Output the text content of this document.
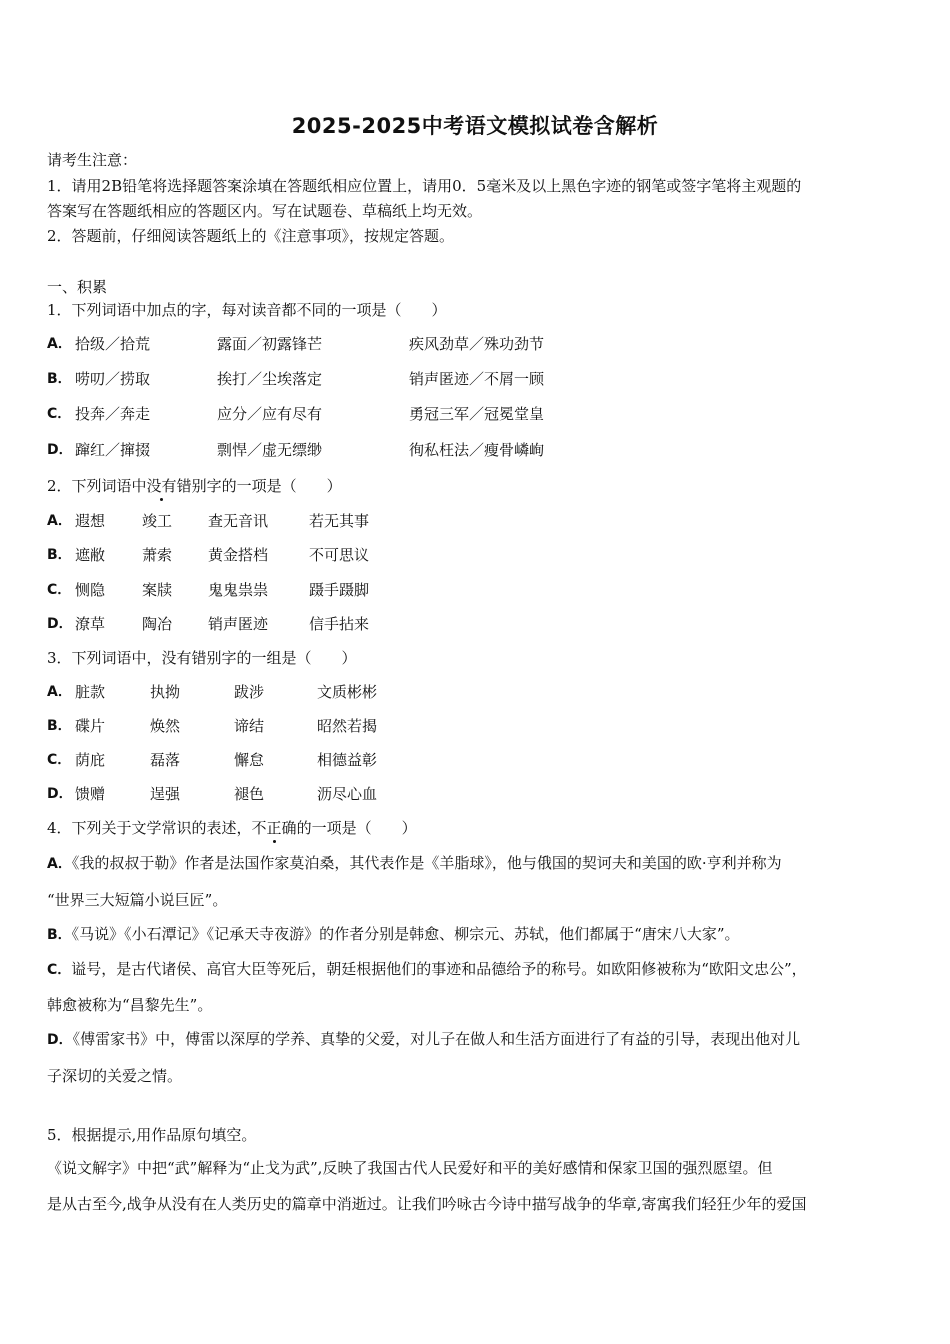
2025-2025中考语文模拟试卷含解析
请考生注意：
1．请用2B铅笔将选择题答案涂填在答题纸相应位置上，请用0．5毫米及以上黑色字迹的钢笔或签字笔将主观题的
答案写在答题纸相应的答题区内。写在试题卷、草稿纸上均无效。
2．答题前，仔细阅读答题纸上的《注意事项》，按规定答题。
一、积累
1．下列词语中加点的字，每对读音都不同的一项是（　　）
A． 拾级／拾荒	露面／初露锋芒	疾风劲草／殊功劲节
B． 唠叨／捞取	挨打／尘埃落定	销声匿迹／不屑一顾
C． 投奔／奔走	应分／应有尽有	勇冠三军／冠冕堂皇
D． 蹿红／撺掇	剽悍／虚无缥缈	徇私枉法／瘦骨嶙峋
2．下列词语中没有错别字的一项是（　　）
A． 遐想 竣工 查无音讯	若无其事
B． 遮敝 萧索 黄金搭档	不可思议
C． 恻隐 案牍 鬼鬼祟祟	蹑手蹑脚
D． 潦草 陶冶 销声匿迹	信手拈来
3．下列词语中，没有错别字的一组是（　　）
A． 脏款	执拗	跋涉	文质彬彬
B． 碟片	焕然	谛结	昭然若揭
C． 荫庇	磊落	懈怠	相德益彰
D． 馈赠	逞强	褪色	沥尽心血
4．下列关于文学常识的表述，不正确的一项是（　　）
A．《我的叔叔于勒》作者是法国作家莫泊桑，其代表作是《羊脂球》，他与俄国的契诃夫和美国的欧·亨利并称为
“世界三大短篇小说巨匠”。
B．《马说》《小石潭记》《记承天寺夜游》的作者分别是韩愈、柳宗元、苏轼，他们都属于“唐宋八大家”。
C．谥号，是古代诸侯、高官大臣等死后，朝廷根据他们的事迹和品德给予的称号。如欧阳修被称为“欧阳文忠公”，
韩愈被称为“昌黎先生”。
D．《傅雷家书》中，傅雷以深厚的学养、真挚的父爱，对儿子在做人和生活方面进行了有益的引导，表现出他对儿
子深切的关爱之情。
5．根据提示,用作品原句填空。
《说文解字》中把“武”解释为“止戈为武”,反映了我国古代人民爱好和平的美好感情和保家卫国的强烈愿望。但
是从古至今,战争从没有在人类历史的篇章中消逝过。让我们吟咏古今诗中描写战争的华章,寄寓我们轻狂少年的爱国
